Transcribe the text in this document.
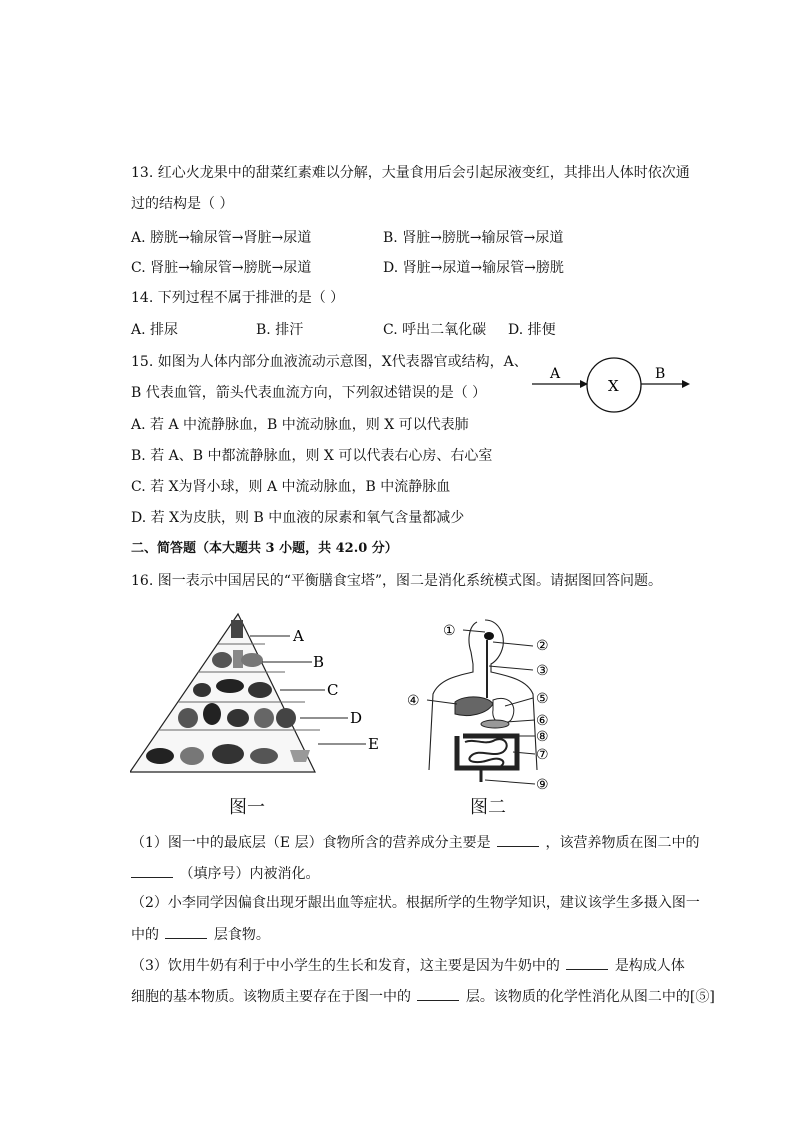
13. 红心火龙果中的甜菜红素难以分解，大量食用后会引起尿液变红，其排出人体时依次通
过的结构是（ ）
A. 膀胱→输尿管→肾脏→尿道	B. 肾脏→膀胱→输尿管→尿道
C. 肾脏→输尿管→膀胱→尿道	D. 肾脏→尿道→输尿管→膀胱
14. 下列过程不属于排泄的是（ ）
A. 排尿	B. 排汗	C. 呼出二氧化碳 D. 排便
15. 如图为人体内部分血液流动示意图，X代表器官或结构，A、
B 代表血管，箭头代表血流方向，下列叙述错误的是（ ）
A
X
B
A. 若 A 中流静脉血，B 中流动脉血，则 X 可以代表肺
B. 若 A、B 中都流静脉血，则 X 可以代表右心房、右心室
C. 若 X为肾小球，则 A 中流动脉血，B 中流静脉血
D. 若 X为皮肤，则 B 中血液的尿素和氧气含量都减少
二、简答题（本大题共 3 小题，共 42.0 分）
16. 图一表示中国居民的“平衡膳食宝塔”，图二是消化系统模式图。请据图回答问题。
A
B
C
D
E
图一
①
②
③
④	⑤
⑥
⑧
⑦
⑨
图二
（1）图一中的最底层（E 层）食物所含的营养成分主要是	，该营养物质在图二中的
（填序号）内被消化。
（2）小李同学因偏食出现牙龈出血等症状。根据所学的生物学知识，建议该学生多摄入图一
中的	层食物。
（3）饮用牛奶有利于中小学生的生长和发育，这主要是因为牛奶中的	是构成人体
细胞的基本物质。该物质主要存在于图一中的	层。该物质的化学性消化从图二中的[⑤]
